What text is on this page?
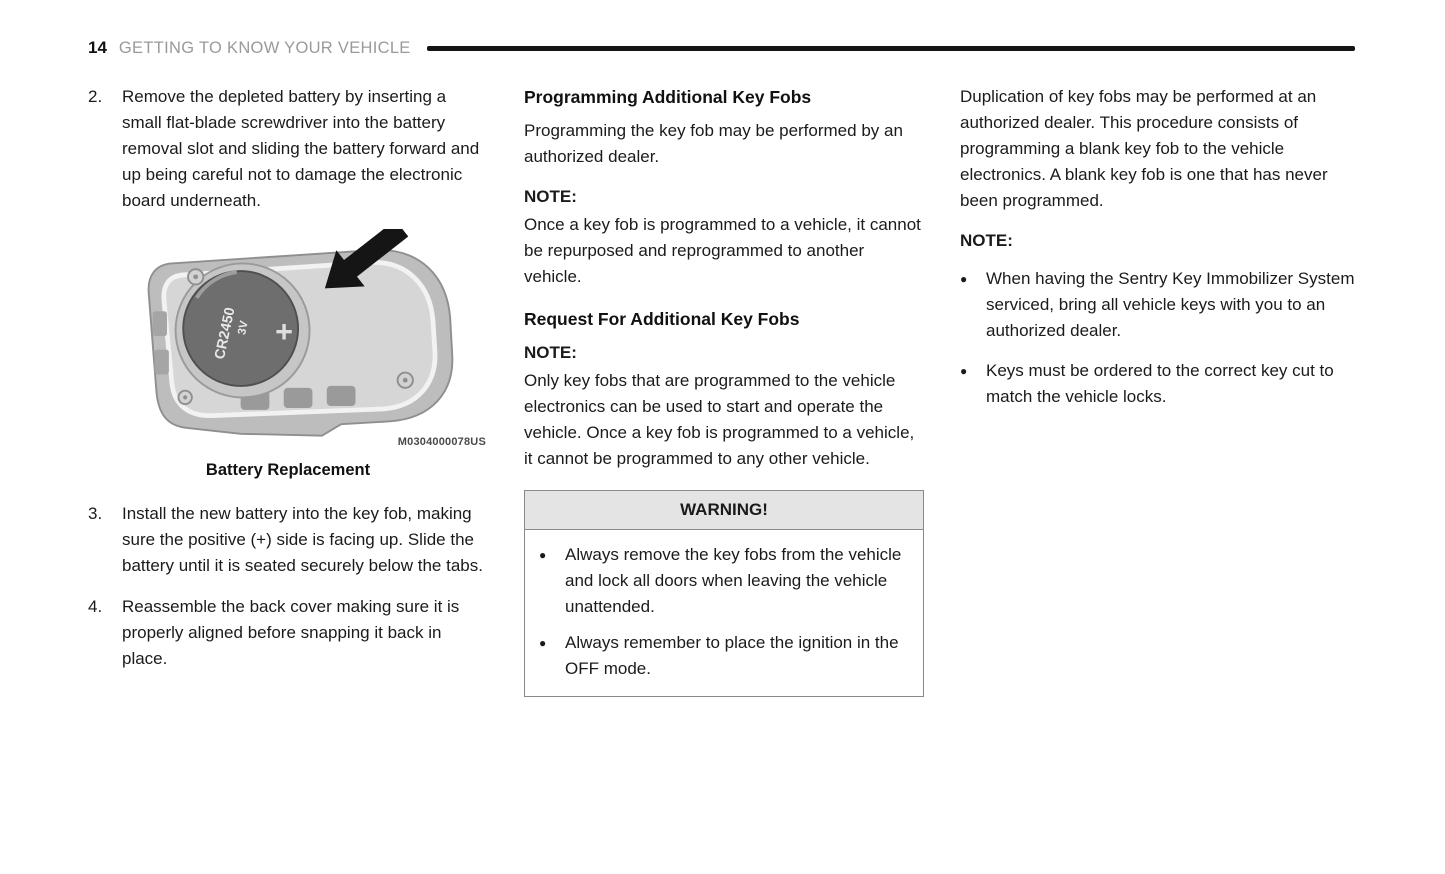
14 GETTING TO KNOW YOUR VEHICLE
2.	Remove the depleted battery by inserting a small flat-blade screwdriver into the battery removal slot and sliding the battery forward and up being careful not to damage the electronic board underneath.

CR2450
3V +
M0304000078US
Battery Replacement
3.	Install the new battery into the key fob, making sure the positive (+) side is facing up. Slide the battery until it is seated securely below the tabs.

4.	Reassemble the back cover making sure it is properly aligned before snapping it back in place.

Programming Additional Key Fobs

Programming the key fob may be performed by an authorized dealer.

NOTE:

Once a key fob is programmed to a vehicle, it cannot be repurposed and reprogrammed to another vehicle.

Request For Additional Key Fobs

NOTE:

Only key fobs that are programmed to the vehicle electronics can be used to start and operate the vehicle. Once a key fob is programmed to a vehicle, it cannot be programmed to any other vehicle.

WARNING!
●
Always remove the key fobs from the vehicle and lock all doors when leaving the vehicle unattended.
●
Always remember to place the ignition in the OFF mode.

Duplication of key fobs may be performed at an authorized dealer. This procedure consists of programming a blank key fob to the vehicle electronics. A blank key fob is one that has never been programmed.

NOTE:

●
When having the Sentry Key Immobilizer System serviced, bring all vehicle keys with you to an authorized dealer.
●
Keys must be ordered to the correct key cut to match the vehicle locks.
